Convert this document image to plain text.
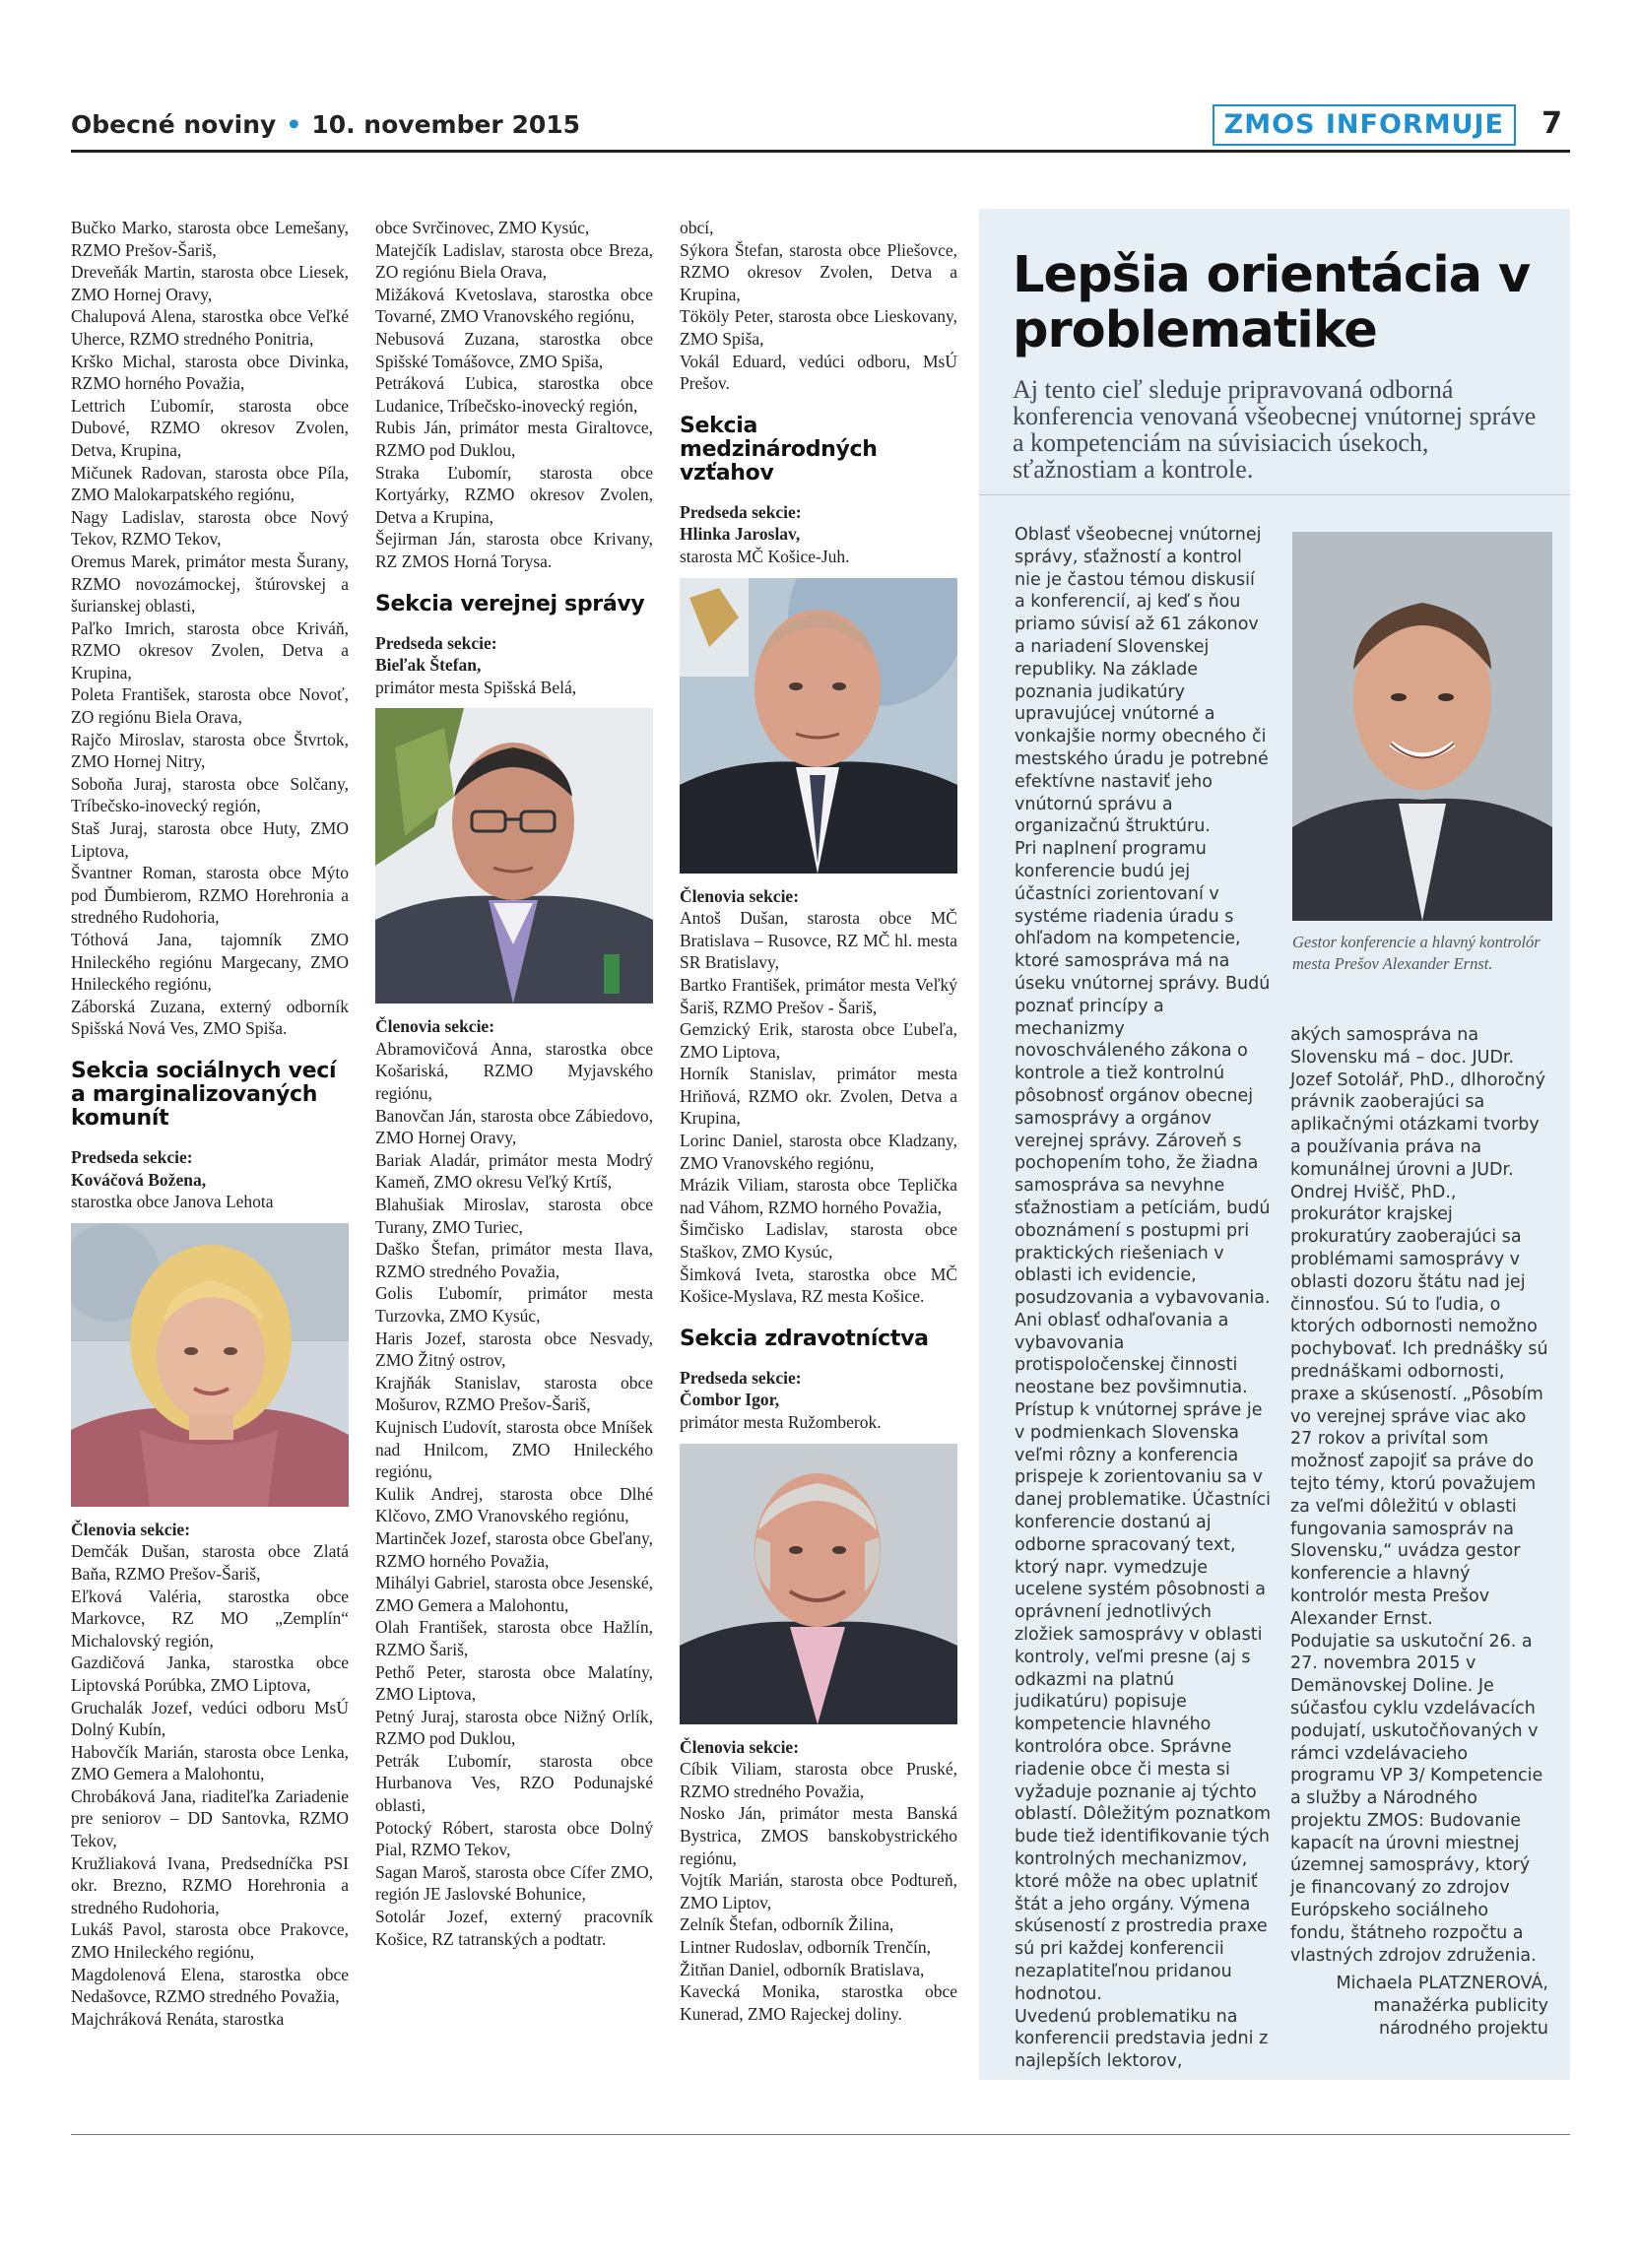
Obecné noviny • 10. november 2015	ZMOS INFORMUJE	7

Bučko Marko, starosta obce Lemešany, RZMO Prešov-Šariš,

Dreveňák Martin, starosta obce Liesek, ZMO Hornej Oravy,

Chalupová Alena, starostka obce Veľké Uherce, RZMO stredného Ponitria,

Krško Michal, starosta obce Divinka, RZMO horného Považia,

Lettrich Ľubomír, starosta obce Dubové, RZMO okresov Zvolen, Detva, Krupina,

Mičunek Radovan, starosta obce Píla, ZMO Malokarpatského regiónu,

Nagy Ladislav, starosta obce Nový Tekov, RZMO Tekov,

Oremus Marek, primátor mesta Šurany, RZMO novozámockej, štúrovskej a šurianskej oblasti,

Paľko Imrich, starosta obce Kriváň, RZMO okresov Zvolen, Detva a Krupina,

Poleta František, starosta obce Novoť, ZO regiónu Biela Orava,

Rajčo Miroslav, starosta obce Štvrtok, ZMO Hornej Nitry,

Soboňa Juraj, starosta obce Solčany, Tríbečsko-inovecký región,

Staš Juraj, starosta obce Huty, ZMO Liptova,

Švantner Roman, starosta obce Mýto pod Ďumbierom, RZMO Horehronia a stredného Rudohoria,

Tóthová Jana, tajomník ZMO Hnileckého regiónu Margecany, ZMO Hnileckého regiónu,

Záborská Zuzana, externý odborník Spišská Nová Ves, ZMO Spiša.

Sekcia sociálnych vecí a marginalizovaných komunít

Predseda sekcie:

Kováčová Božena,

starostka obce Janova Lehota

Členovia sekcie:

Demčák Dušan, starosta obce Zlatá Baňa, RZMO Prešov-Šariš,

Eľková Valéria, starostka obce Markovce, RZ MO „Zemplín“ Michalovský región,

Gazdičová Janka, starostka obce Liptovská Porúbka, ZMO Liptova,

Gruchalák Jozef, vedúci odboru MsÚ Dolný Kubín,

Habovčík Marián, starosta obce Lenka, ZMO Gemera a Malohontu,

Chrobáková Jana, riaditeľka Zariadenie pre seniorov – DD Santovka, RZMO Tekov,

Kružliaková Ivana, Predsedníčka PSI okr. Brezno, RZMO Horehronia a stredného Rudohoria,

Lukáš Pavol, starosta obce Prakovce, ZMO Hnileckého regiónu,

Magdolenová Elena, starostka obce Nedašovce, RZMO stredného Považia,

Majchráková Renáta, starostka

obce Svrčinovec, ZMO Kysúc,

Matejčík Ladislav, starosta obce Breza, ZO regiónu Biela Orava,

Mižáková Kvetoslava, starostka obce Tovarné, ZMO Vranovského regiónu,

Nebusová Zuzana, starostka obce Spišské Tomášovce, ZMO Spiša,

Petráková Ľubica, starostka obce Ludanice, Tríbečsko-inovecký región,

Rubis Ján, primátor mesta Giraltovce, RZMO pod Duklou,

Straka Ľubomír, starosta obce Kortyárky, RZMO okresov Zvolen, Detva a Krupina,

Šejirman Ján, starosta obce Krivany, RZ ZMOS Horná Torysa.

Sekcia verejnej správy

Predseda sekcie:

Bieľak Štefan,

primátor mesta Spišská Belá,

Členovia sekcie:

Abramovičová Anna, starostka obce Košariská, RZMO Myjavského regiónu,

Banovčan Ján, starosta obce Zábiedovo, ZMO Hornej Oravy,

Bariak Aladár, primátor mesta Modrý Kameň, ZMO okresu Veľký Krtíš,

Blahušiak Miroslav, starosta obce Turany, ZMO Turiec,

Daško Štefan, primátor mesta Ilava, RZMO stredného Považia,

Golis Ľubomír, primátor mesta Turzovka, ZMO Kysúc,

Haris Jozef, starosta obce Nesvady, ZMO Žitný ostrov,

Krajňák Stanislav, starosta obce Mošurov, RZMO Prešov-Šariš,

Kujnisch Ľudovít, starosta obce Mníšek nad Hnilcom, ZMO Hnileckého regiónu,

Kulik Andrej, starosta obce Dlhé Klčovo, ZMO Vranovského regiónu,

Martinček Jozef, starosta obce Gbeľany, RZMO horného Považia,

Mihályi Gabriel, starosta obce Jesenské, ZMO Gemera a Malohontu,

Olah František, starosta obce Hažlín, RZMO Šariš,

Pethő Peter, starosta obce Malatíny, ZMO Liptova,

Petný Juraj, starosta obce Nižný Orlík, RZMO pod Duklou,

Petrák Ľubomír, starosta obce Hurbanova Ves, RZO Podunajské oblasti,

Potocký Róbert, starosta obce Dolný Pial, RZMO Tekov,

Sagan Maroš, starosta obce Cífer ZMO, región JE Jaslovské Bohunice,

Sotolár Jozef, externý pracovník Košice, RZ tatranských a podtatr.

obcí,

Sýkora Štefan, starosta obce Pliešovce, RZMO okresov Zvolen, Detva a Krupina,

Tököly Peter, starosta obce Lieskovany, ZMO Spiša,

Vokál Eduard, vedúci odboru, MsÚ Prešov.

Sekcia medzinárodných vzťahov

Predseda sekcie:

Hlinka Jaroslav,

starosta MČ Košice-Juh.

Členovia sekcie:

Antoš Dušan, starosta obce MČ Bratislava – Rusovce, RZ MČ hl. mesta SR Bratislavy,

Bartko František, primátor mesta Veľký Šariš, RZMO Prešov - Šariš,

Gemzický Erik, starosta obce Ľubeľa, ZMO Liptova,

Horník Stanislav, primátor mesta Hriňová, RZMO okr. Zvolen, Detva a Krupina,

Lorinc Daniel, starosta obce Kladzany, ZMO Vranovského regiónu,

Mrázik Viliam, starosta obce Teplička nad Váhom, RZMO horného Považia,

Šimčisko Ladislav, starosta obce Staškov, ZMO Kysúc,

Šimková Iveta, starostka obce MČ Košice-Myslava, RZ mesta Košice.

Sekcia zdravotníctva

Predseda sekcie:

Čombor Igor,

primátor mesta Ružomberok.

Členovia sekcie:

Cíbik Viliam, starosta obce Pruské, RZMO stredného Považia,

Nosko Ján, primátor mesta Banská Bystrica, ZMOS banskobystrického regiónu,

Vojtík Marián, starosta obce Podtureň, ZMO Liptov,

Zelník Štefan, odborník Žilina,

Lintner Rudoslav, odborník Trenčín,

Žitňan Daniel, odborník Bratislava,

Kavecká Monika, starostka obce Kunerad, ZMO Rajeckej doliny.

Lepšia orientácia v problematike

Aj tento cieľ sleduje pripravovaná odborná konferencia venovaná všeobecnej vnútornej správe a kompetenciám na súvisiacich úsekoch, sťažnostiam a kontrole.

Oblasť všeobecnej vnútornej správy, sťažností a kontrol nie je častou témou diskusií a konferencií, aj keď s ňou priamo súvisí až 61 zákonov a nariadení Slovenskej republiky. Na základe poznania judikatúry upravujúcej vnútorné a vonkajšie normy obecného či mestského úradu je potrebné efektívne nastaviť jeho vnútornú správu a organizačnú štruktúru.

Pri naplnení programu konferencie budú jej účastníci zorientovaní v systéme riadenia úradu s ohľadom na kompetencie, ktoré samospráva má na úseku vnútornej správy. Budú poznať princípy a mechanizmy novoschváleného zákona o kontrole a tiež kontrolnú pôsobnosť orgánov obecnej samosprávy a orgánov verejnej správy. Zároveň s pochopením toho, že žiadna samospráva sa nevyhne sťažnostiam a petíciám, budú oboznámení s postupmi pri praktických riešeniach v oblasti ich evidencie, posudzovania a vybavovania. Ani oblasť odhaľovania a vybavovania protispoločenskej činnosti neostane bez povšimnutia.

Prístup k vnútornej správe je v podmienkach Slovenska veľmi rôzny a konferencia prispeje k zorientovaniu sa v danej problematike. Účastníci konferencie dostanú aj odborne spracovaný text, ktorý napr. vymedzuje ucelene systém pôsobnosti a oprávnení jednotlivých zložiek samosprávy v oblasti kontroly, veľmi presne (aj s odkazmi na platnú judikatúru) popisuje kompetencie hlavného kontrolóra obce. Správne riadenie obce či mesta si vyžaduje poznanie aj týchto oblastí. Dôležitým poznatkom bude tiež identifikovanie tých kontrolných mechanizmov, ktoré môže na obec uplatniť štát a jeho orgány. Výmena skúseností z prostredia praxe sú pri každej konferencii nezaplatiteľnou pridanou hodnotou.

Uvedenú problematiku na konferencii predstavia jedni z najlepších lektorov,

Gestor konferencie a hlavný kontrolór mesta Prešov Alexander Ernst.

akých samospráva na Slovensku má – doc. JUDr. Jozef Sotolář, PhD., dlhoročný právnik zaoberajúci sa aplikačnými otázkami tvorby a používania práva na komunálnej úrovni a JUDr. Ondrej Hvišč, PhD., prokurátor krajskej prokuratúry zaoberajúci sa problémami samosprávy v oblasti dozoru štátu nad jej činnosťou. Sú to ľudia, o ktorých odbornosti nemožno pochybovať. Ich prednášky sú prednáškami odbornosti, praxe a skúseností. „Pôsobím vo verejnej správe viac ako 27 rokov a privítal som možnosť zapojiť sa práve do tejto témy, ktorú považujem za veľmi dôležitú v oblasti fungovania samospráv na Slovensku,“ uvádza gestor konferencie a hlavný kontrolór mesta Prešov Alexander Ernst.

Podujatie sa uskutoční 26. a 27. novembra 2015 v Demänovskej Doline. Je súčasťou cyklu vzdelávacích podujatí, uskutočňovaných v rámci vzdelávacieho programu VP 3/ Kompetencie a služby a Národného projektu ZMOS: Budovanie kapacít na úrovni miestnej územnej samosprávy, ktorý je financovaný zo zdrojov Európskeho sociálneho fondu, štátneho rozpočtu a vlastných zdrojov združenia.

Michaela PLATZNEROVÁ,

manažérka publicity

národného projektu
